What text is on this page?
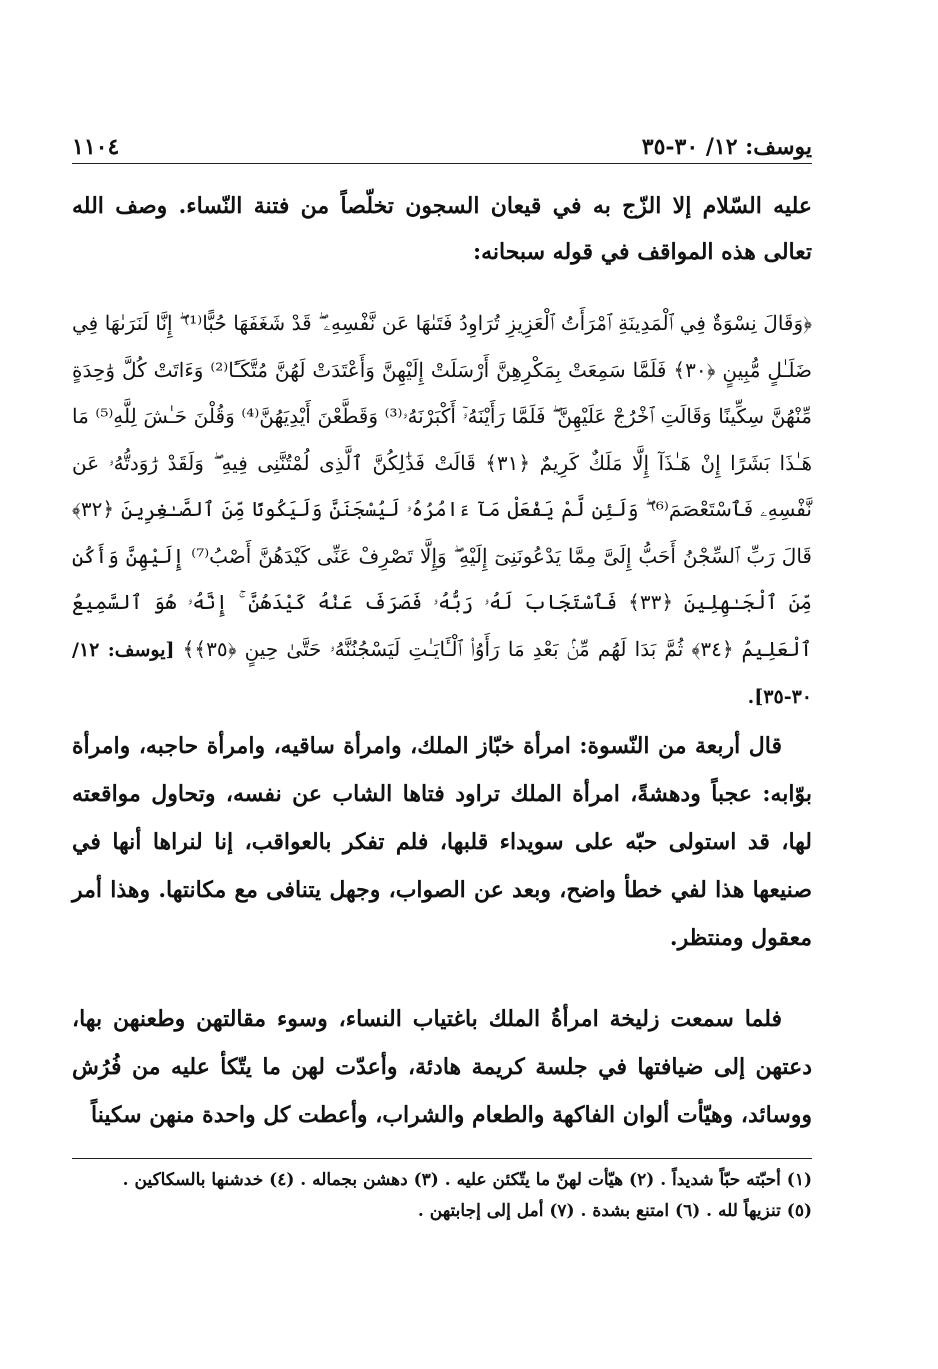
يوسف: ١٢/ ٣٠-٣٥
١١٠٤
عليه السّلام إلا الزّج به في قيعان السجون تخلّصاً من فتنة النّساء. وصف الله تعالى هذه المواقف في قوله سبحانه:
﴿وَقَالَ نِسْوَةٌ فِي ٱلْمَدِينَةِ ٱمْرَأَتُ ٱلْعَزِيزِ تُرَاوِدُ فَتَىٰهَا عَن نَّفْسِهِۦ ۖ قَدْ شَغَفَهَا حُبًّا⁽¹⁾ ۖ إِنَّا لَنَرَىٰهَا فِي ضَلَـٰلٍ مُّبِينٍ ﴿٣٠﴾ فَلَمَّا سَمِعَتْ بِمَكْرِهِنَّ أَرْسَلَتْ إِلَيْهِنَّ وَأَعْتَدَتْ لَهُنَّ مُتَّكَـًٔا⁽²⁾ وَءَاتَتْ كُلَّ وَٰحِدَةٍ مِّنْهُنَّ سِكِّينًا وَقَالَتِ ٱخْرُجْ عَلَيْهِنَّ ۖ فَلَمَّا رَأَيْنَهُۥٓ أَكْبَرْنَهُۥ⁽³⁾ وَقَطَّعْنَ أَيْدِيَهُنَّ⁽⁴⁾ وَقُلْنَ حَـٰشَ لِلَّهِ⁽⁵⁾ مَا هَـٰذَا بَشَرًا إِنْ هَـٰذَآ إِلَّا مَلَكٌ كَرِيمٌ ﴿٣١﴾ قَالَتْ فَذَٰلِكُنَّ ٱلَّذِى لُمْتُنَّنِى فِيهِ ۖ وَلَقَدْ رَٰوَدتُّهُۥ عَن نَّفْسِهِۦ فَٱسْتَعْصَمَ⁽⁶⁾ ۖ وَلَئِن لَّمْ يَفْعَلْ مَآ ءَامُرُهُۥ لَيُسْجَنَنَّ وَلَيَكُونًا مِّنَ ٱلصَّـٰغِرِينَ ﴿٣٢﴾ قَالَ رَبِّ ٱلسِّجْنُ أَحَبُّ إِلَىَّ مِمَّا يَدْعُونَنِىٓ إِلَيْهِ ۖ وَإِلَّا تَصْرِفْ عَنِّى كَيْدَهُنَّ أَصْبُ⁽⁷⁾ إِلَيْهِنَّ وَأَكُن مِّنَ ٱلْجَـٰهِلِينَ ﴿٣٣﴾ فَٱسْتَجَابَ لَهُۥ رَبُّهُۥ فَصَرَفَ عَنْهُ كَيْدَهُنَّ ۚ إِنَّهُۥ هُوَ ٱلسَّمِيعُ ٱلْعَلِيمُ ﴿٣٤﴾ ثُمَّ بَدَا لَهُم مِّنۢ بَعْدِ مَا رَأَوُا۟ ٱلْـَٔايَـٰتِ لَيَسْجُنُنَّهُۥ حَتَّىٰ حِينٍ ﴿٣٥﴾﴾ [يوسف: ١٢/ ٣٠-٣٥].
قال أربعة من النّسوة: امرأة خبّاز الملك، وامرأة ساقيه، وامرأة حاجبه، وامرأة بوّابه: عجباً ودهشةً، امرأة الملك تراود فتاها الشاب عن نفسه، وتحاول مواقعته لها، قد استولى حبّه على سويداء قلبها، فلم تفكر بالعواقب، إنا لنراها أنها في صنيعها هذا لفي خطأ واضح، وبعد عن الصواب، وجهل يتنافى مع مكانتها. وهذا أمر معقول ومنتظر.
فلما سمعت زليخة امرأةُ الملك باغتياب النساء، وسوء مقالتهن وطعنهن بها، دعتهن إلى ضيافتها في جلسة كريمة هادئة، وأعدّت لهن ما يتّكأ عليه من فُرُش ووسائد، وهيّأت ألوان الفاكهة والطعام والشراب، وأعطت كل واحدة منهن سكيناً
(١) أحبّته حبّاً شديداً . (٢) هيّأت لهنّ ما يتّكئن عليه . (٣) دهشن بجماله . (٤) خدشنها بالسكاكين .
(٥) تنزيهاً لله . (٦) امتنع بشدة . (٧) أمل إلى إجابتهن .
